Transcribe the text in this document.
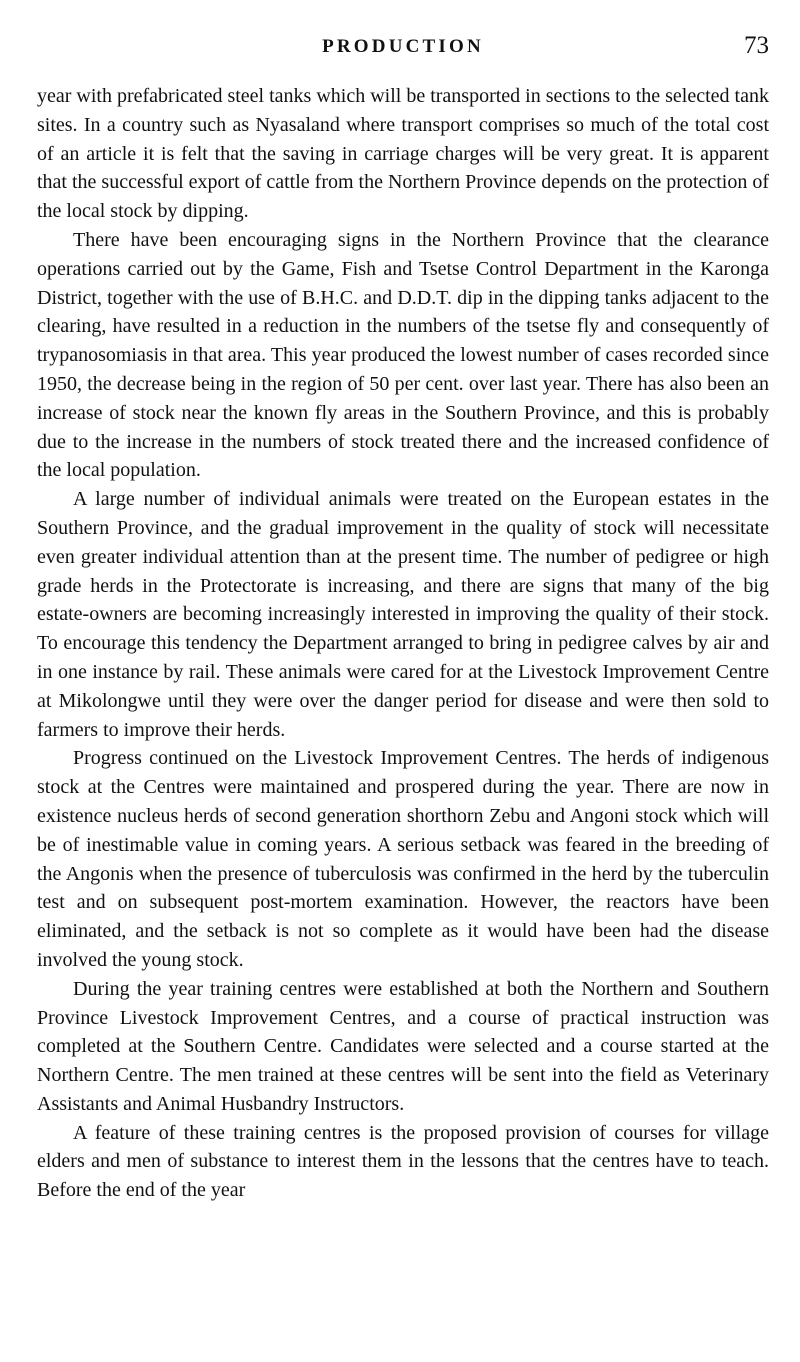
PRODUCTION	73

year with prefabricated steel tanks which will be transported in sections to the selected tank sites. In a country such as Nyasaland where transport comprises so much of the total cost of an article it is felt that the saving in carriage charges will be very great. It is apparent that the successful export of cattle from the Northern Province depends on the protection of the local stock by dipping.

There have been encouraging signs in the Northern Province that the clearance operations carried out by the Game, Fish and Tsetse Control Department in the Karonga District, together with the use of B.H.C. and D.D.T. dip in the dipping tanks adjacent to the clearing, have resulted in a reduction in the numbers of the tsetse fly and consequently of trypanosomiasis in that area. This year produced the lowest number of cases recorded since 1950, the decrease being in the region of 50 per cent. over last year. There has also been an increase of stock near the known fly areas in the Southern Province, and this is probably due to the increase in the numbers of stock treated there and the increased confidence of the local population.

A large number of individual animals were treated on the European estates in the Southern Province, and the gradual improvement in the quality of stock will necessitate even greater individual attention than at the present time. The number of pedigree or high grade herds in the Protectorate is increasing, and there are signs that many of the big estate-owners are becoming increasingly interested in improving the quality of their stock. To encourage this tendency the Department arranged to bring in pedigree calves by air and in one instance by rail. These animals were cared for at the Livestock Improvement Centre at Mikolongwe until they were over the danger period for disease and were then sold to farmers to improve their herds.

Progress continued on the Livestock Improvement Centres. The herds of indigenous stock at the Centres were maintained and prospered during the year. There are now in existence nucleus herds of second generation shorthorn Zebu and Angoni stock which will be of inestimable value in coming years. A serious setback was feared in the breeding of the Angonis when the presence of tuberculosis was confirmed in the herd by the tuberculin test and on subsequent post-mortem examination. However, the reactors have been eliminated, and the setback is not so complete as it would have been had the disease involved the young stock.

During the year training centres were established at both the Northern and Southern Province Livestock Improvement Centres, and a course of practical instruction was completed at the Southern Centre. Candidates were selected and a course started at the Northern Centre. The men trained at these centres will be sent into the field as Veterinary Assistants and Animal Husbandry Instructors.

A feature of these training centres is the proposed provision of courses for village elders and men of substance to interest them in the lessons that the centres have to teach. Before the end of the year
